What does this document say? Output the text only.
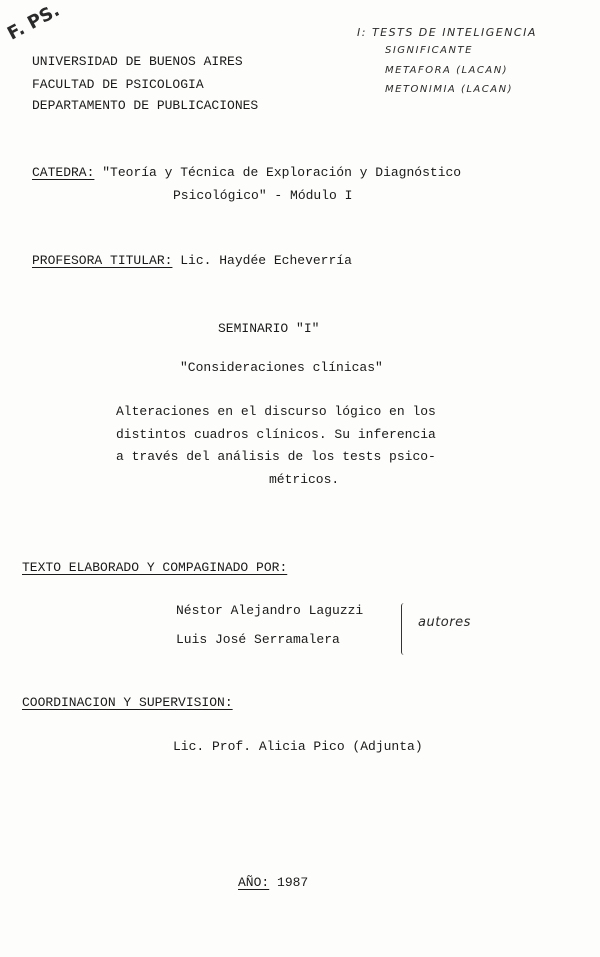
F. PS.	I: TESTS DE INTELIGENCIA
SIGNIFICANTE
METAFORA (LACAN)
METONIMIA (LACAN)
UNIVERSIDAD DE BUENOS AIRES
FACULTAD DE PSICOLOGIA
DEPARTAMENTO DE PUBLICACIONES
CATEDRA: "Teoría y Técnica de Exploración y Diagnóstico
Psicológico" - Módulo I
PROFESORA TITULAR: Lic. Haydée Echeverría
SEMINARIO "I"
"Consideraciones clínicas"
Alteraciones en el discurso lógico en los
distintos cuadros clínicos. Su inferencia
a través del análisis de los tests psico-
métricos.
TEXTO ELABORADO Y COMPAGINADO POR:
Néstor Alejandro Laguzzi
Luis José Serramalera
autores
COORDINACION Y SUPERVISION:
Lic. Prof. Alicia Pico (Adjunta)
AÑO: 1987
